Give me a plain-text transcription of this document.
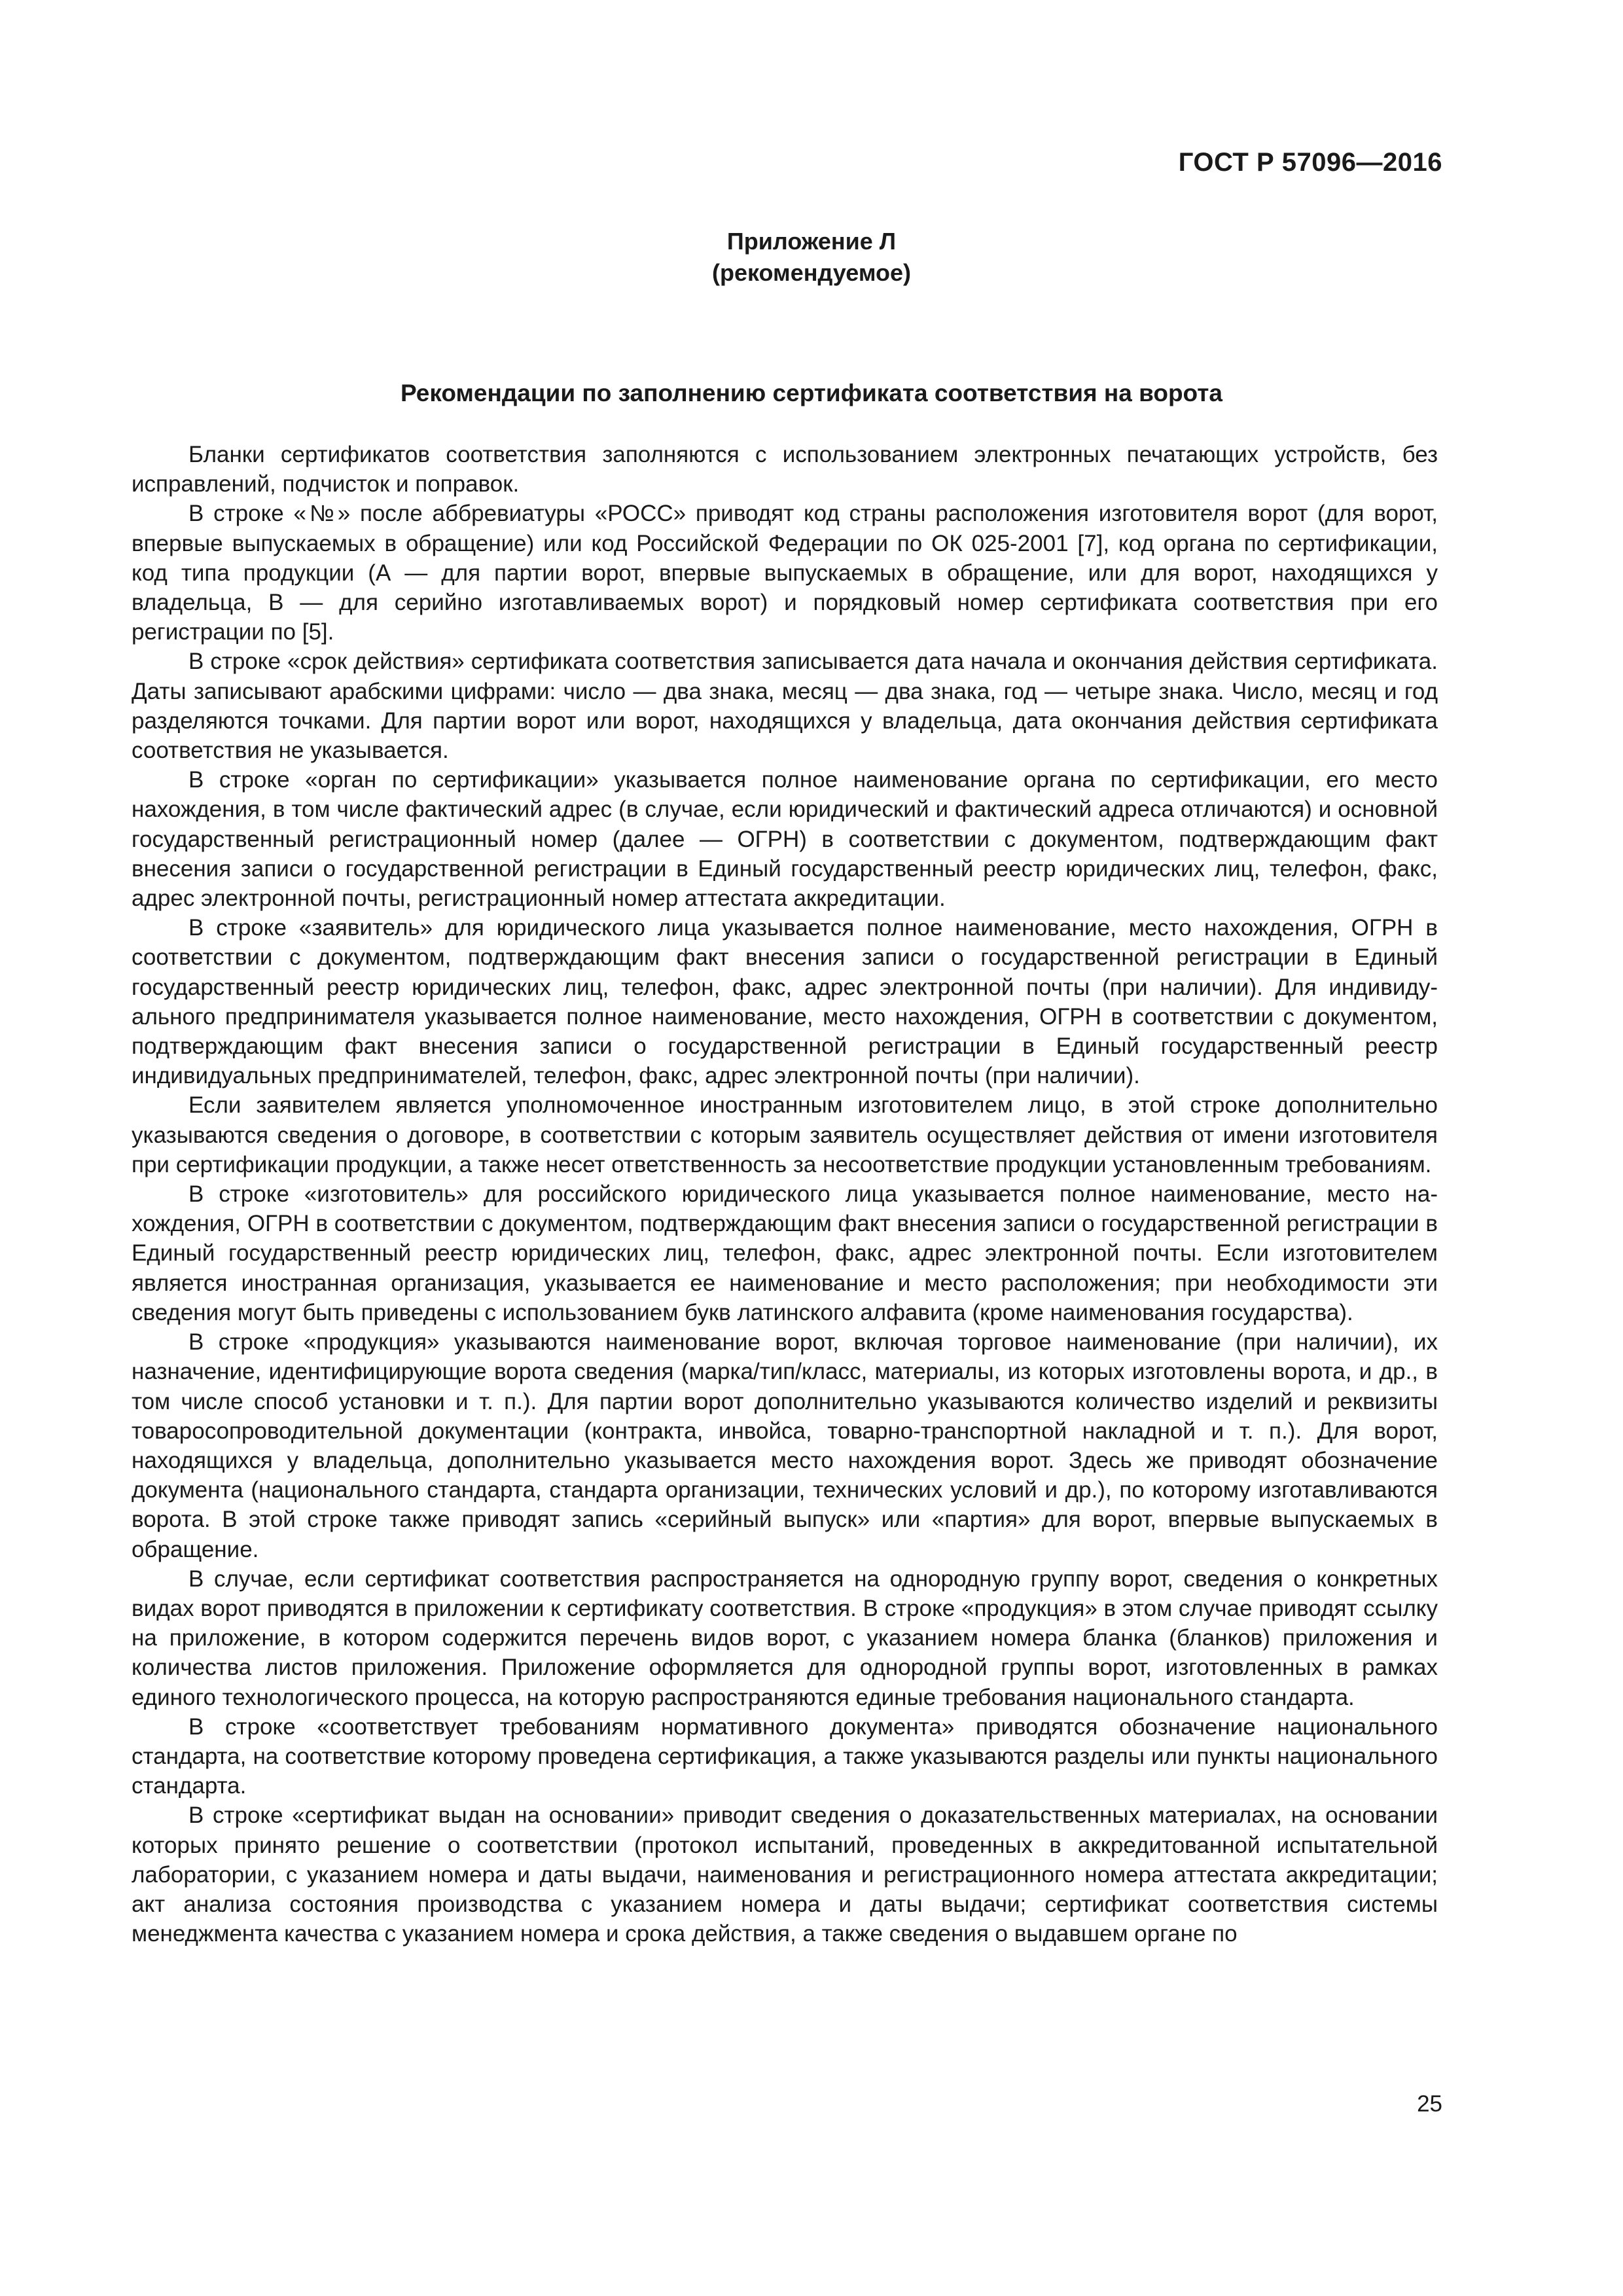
ГОСТ Р 57096—2016
Приложение Л
(рекомендуемое)
Рекомендации по заполнению сертификата соответствия на ворота

Бланки сертификатов соответствия заполняются с использованием электронных печатающих устройств, без исправлений, подчисток и поправок.

В строке «№» после аббревиатуры «РОСС» приводят код страны расположения изготовителя ворот (для ворот, впервые выпускаемых в обращение) или код Российской Федерации по ОК 025-2001 [7], код органа по сертификации, код типа продукции (А — для партии ворот, впервые выпускаемых в обращение, или для ворот, находящихся у владельца, В — для серийно изготавливаемых ворот) и порядковый номер сертификата соответствия при его регистрации по [5].

В строке «срок действия» сертификата соответствия записывается дата начала и окончания действия сертификата. Даты записывают арабскими цифрами: число — два знака, месяц — два знака, год — четыре знака. Число, месяц и год разделяются точками. Для партии ворот или ворот, находящихся у владельца, дата окончания действия сертификата соответствия не указывается.

В строке «орган по сертификации» указывается полное наименование органа по сертификации, его место нахождения, в том числе фактический адрес (в случае, если юридический и фактический адреса отличаются) и основной государственный регистрационный номер (далее — ОГРН) в соответствии с документом, подтверждающим факт внесения записи о государственной регистрации в Единый государственный реестр юридических лиц, телефон, факс, адрес электронной почты, регистрационный номер аттестата аккредитации.

В строке «заявитель» для юридического лица указывается полное наименование, место нахождения, ОГРН в соответствии с документом, подтверждающим факт внесения записи о государственной регистрации в Единый государственный реестр юридических лиц, телефон, факс, адрес электронной почты (при наличии). Для индивидуального предпринимателя указывается полное наименование, место нахождения, ОГРН в соответствии с документом, подтверждающим факт внесения записи о государственной регистрации в Единый государственный реестр индивидуальных предпринимателей, телефон, факс, адрес электронной почты (при наличии).

Если заявителем является уполномоченное иностранным изготовителем лицо, в этой строке дополнительно указываются сведения о договоре, в соответствии с которым заявитель осуществляет действия от имени изготовителя при сертификации продукции, а также несет ответственность за несоответствие продукции установленным требованиям.

В строке «изготовитель» для российского юридического лица указывается полное наименование, место нахождения, ОГРН в соответствии с документом, подтверждающим факт внесения записи о государственной регистрации в Единый государственный реестр юридических лиц, телефон, факс, адрес электронной почты. Если изготовителем является иностранная организация, указывается ее наименование и место расположения; при необходимости эти сведения могут быть приведены с использованием букв латинского алфавита (кроме наименования государства).

В строке «продукция» указываются наименование ворот, включая торговое наименование (при наличии), их назначение, идентифицирующие ворота сведения (марка/тип/класс, материалы, из которых изготовлены ворота, и др., в том числе способ установки и т. п.). Для партии ворот дополнительно указываются количество изделий и реквизиты товаросопроводительной документации (контракта, инвойса, товарно-транспортной накладной и т. п.). Для ворот, находящихся у владельца, дополнительно указывается место нахождения ворот. Здесь же приводят обозначение документа (национального стандарта, стандарта организации, технических условий и др.), по которому изготавливаются ворота. В этой строке также приводят запись «серийный выпуск» или «партия» для ворот, впервые выпускаемых в обращение.

В случае, если сертификат соответствия распространяется на однородную группу ворот, сведения о конкретных видах ворот приводятся в приложении к сертификату соответствия. В строке «продукция» в этом случае приводят ссылку на приложение, в котором содержится перечень видов ворот, с указанием номера бланка (бланков) приложения и количества листов приложения. Приложение оформляется для однородной группы ворот, изготовленных в рамках единого технологического процесса, на которую распространяются единые требования национального стандарта.

В строке «соответствует требованиям нормативного документа» приводятся обозначение национального стандарта, на соответствие которому проведена сертификация, а также указываются разделы или пункты национального стандарта.

В строке «сертификат выдан на основании» приводит сведения о доказательственных материалах, на основании которых принято решение о соответствии (протокол испытаний, проведенных в аккредитованной испытательной лаборатории, с указанием номера и даты выдачи, наименования и регистрационного номера аттестата аккредитации; акт анализа состояния производства с указанием номера и даты выдачи; сертификат соответствия системы менеджмента качества с указанием номера и срока действия, а также сведения о выдавшем органе по

25
